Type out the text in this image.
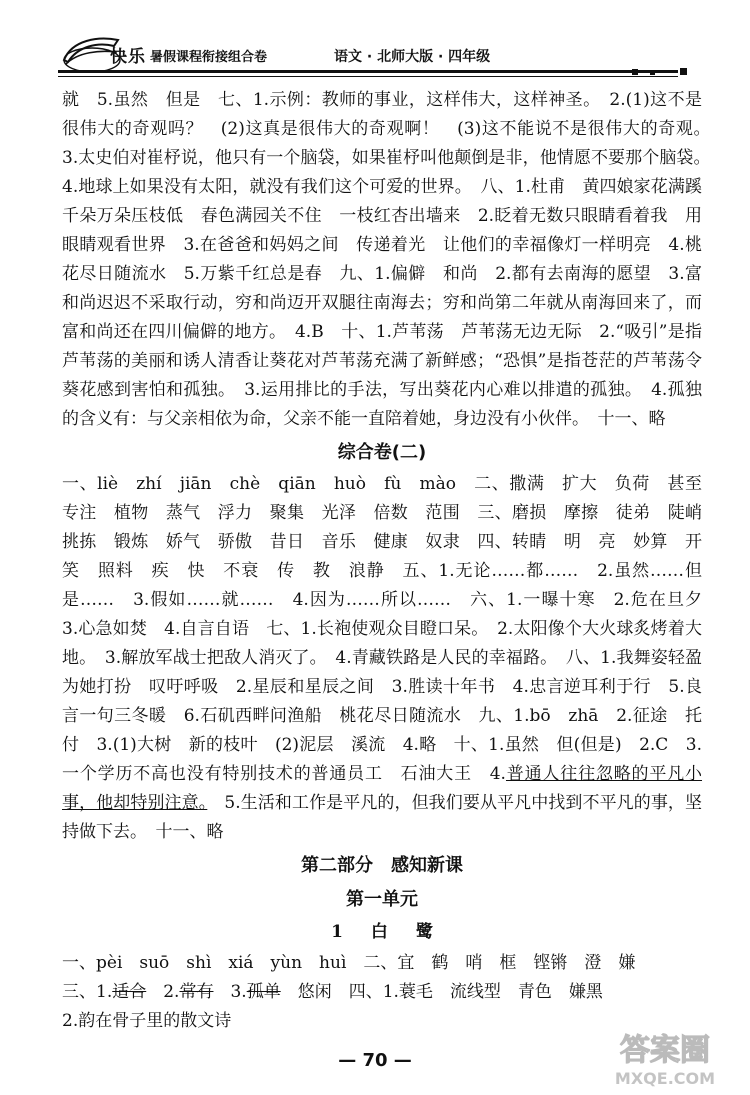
快乐 暑假课程衔接组合卷	语文 · 北师大版 · 四年级

就　5.虽然　但是　七、1.示例：教师的事业，这样伟大，这样神圣。　2.(1)这不是很伟大的奇观吗？　(2)这真是很伟大的奇观啊！　(3)这不能说不是很伟大的奇观。　3.太史伯对崔杼说，他只有一个脑袋，如果崔杼叫他颠倒是非，他情愿不要那个脑袋。　4.地球上如果没有太阳，就没有我们这个可爱的世界。　八、1.杜甫　黄四娘家花满蹊　千朵万朵压枝低　春色满园关不住　一枝红杏出墙来　2.眨着无数只眼睛看着我　用眼睛观看世界　3.在爸爸和妈妈之间　传递着光　让他们的幸福像灯一样明亮　4.桃花尽日随流水　5.万紫千红总是春　九、1.偏僻　和尚　2.都有去南海的愿望　3.富和尚迟迟不采取行动，穷和尚迈开双腿往南海去；穷和尚第二年就从南海回来了，而富和尚还在四川偏僻的地方。　4.B　十、1.芦苇荡　芦苇荡无边无际　2.“吸引”是指芦苇荡的美丽和诱人清香让葵花对芦苇荡充满了新鲜感；“恐惧”是指苍茫的芦苇荡令葵花感到害怕和孤独。　3.运用排比的手法，写出葵花内心难以排遣的孤独。　4.孤独的含义有：与父亲相依为命，父亲不能一直陪着她，身边没有小伙伴。　十一、略

综合卷(二)

一、liè　zhí　jiān　chè　qiān　huò　fù　mào　二、撒满　扩大　负荷　甚至　专注　植物　蒸气　浮力　聚集　光泽　倍数　范围　三、磨损　摩擦　徒弟　陡峭　挑拣　锻炼　娇气　骄傲　昔日　音乐　健康　奴隶　四、转睛　明　亮　妙算　开　笑　照料　疾　快　不衰　传　教　浪静　五、1.无论……都……　2.虽然……但是……　3.假如……就……　4.因为……所以……　六、1.一曝十寒　2.危在旦夕　3.心急如焚　4.自言自语　七、1.长袍使观众目瞪口呆。　2.太阳像个大火球炙烤着大地。　3.解放军战士把敌人消灭了。　4.青藏铁路是人民的幸福路。　八、1.我舞姿轻盈　为她打扮　叹吁呼吸　2.星辰和星辰之间　3.胜读十年书　4.忠言逆耳利于行　5.良言一句三冬暖　6.石矶西畔问渔船　桃花尽日随流水　九、1.bō　zhā　2.征途　托付　3.(1)大树　新的枝叶　(2)泥层　溪流　4.略　十、1.虽然　但(但是)　2.C　3.一个学历不高也没有特别技术的普通员工　石油大王　4.普通人往往忽略的平凡小事，他却特别注意。　5.生活和工作是平凡的，但我们要从平凡中找到不平凡的事，坚持做下去。　十一、略

第二部分　感知新课
第一单元
1 白 鹭

一、pèi　suō　shì　xiá　yùn　huì　二、宜　鹤　哨　框　铿锵　澄　嫌

三、1.适合　2.常有　3.孤单　悠闲　四、1.蓑毛　流线型　青色　嫌黑

2.韵在骨子里的散文诗

— 70 —	答案圈
MXQE.COM
